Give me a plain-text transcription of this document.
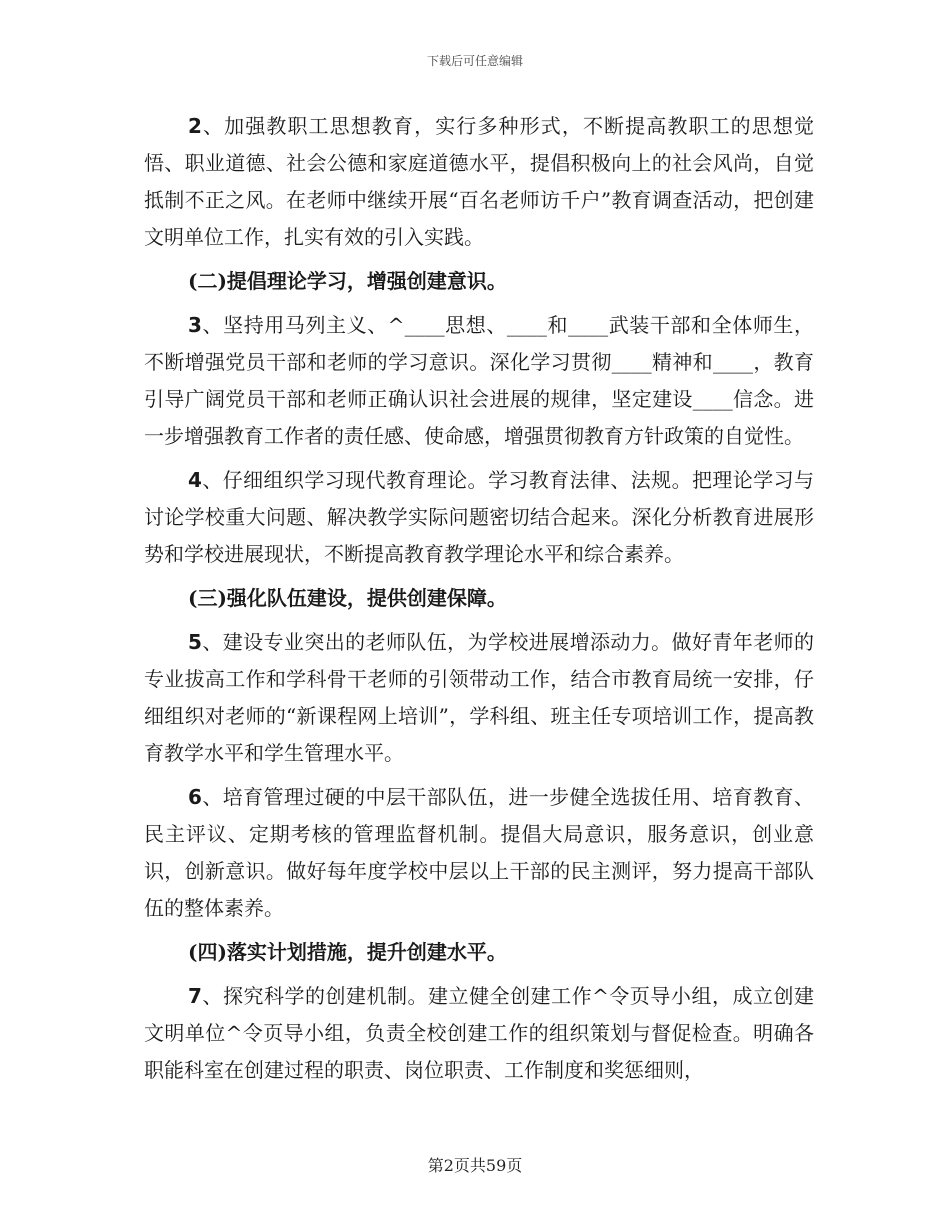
下载后可任意编辑

2、加强教职工思想教育，实行多种形式，不断提高教职工的思想觉悟、职业道德、社会公德和家庭道德水平，提倡积极向上的社会风尚，自觉抵制不正之风。在老师中继续开展“百名老师访千户”教育调查活动，把创建文明单位工作，扎实有效的引入实践。

(二)提倡理论学习，增强创建意识。

3、坚持用马列主义、^____思想、____和____武装干部和全体师生，不断增强党员干部和老师的学习意识。深化学习贯彻____精神和____，教育引导广阔党员干部和老师正确认识社会进展的规律，坚定建设____信念。进一步增强教育工作者的责任感、使命感，增强贯彻教育方针政策的自觉性。

4、仔细组织学习现代教育理论。学习教育法律、法规。把理论学习与讨论学校重大问题、解决教学实际问题密切结合起来。深化分析教育进展形势和学校进展现状，不断提高教育教学理论水平和综合素养。

(三)强化队伍建设，提供创建保障。

5、建设专业突出的老师队伍，为学校进展增添动力。做好青年老师的专业拔高工作和学科骨干老师的引领带动工作，结合市教育局统一安排，仔细组织对老师的“新课程网上培训”，学科组、班主任专项培训工作，提高教育教学水平和学生管理水平。

6、培育管理过硬的中层干部队伍，进一步健全选拔任用、培育教育、民主评议、定期考核的管理监督机制。提倡大局意识，服务意识，创业意识，创新意识。做好每年度学校中层以上干部的民主测评，努力提高干部队伍的整体素养。

(四)落实计划措施，提升创建水平。

7、探究科学的创建机制。建立健全创建工作^令页导小组，成立创建文明单位^令页导小组，负责全校创建工作的组织策划与督促检查。明确各职能科室在创建过程的职责、岗位职责、工作制度和奖惩细则，

第2页共59页
